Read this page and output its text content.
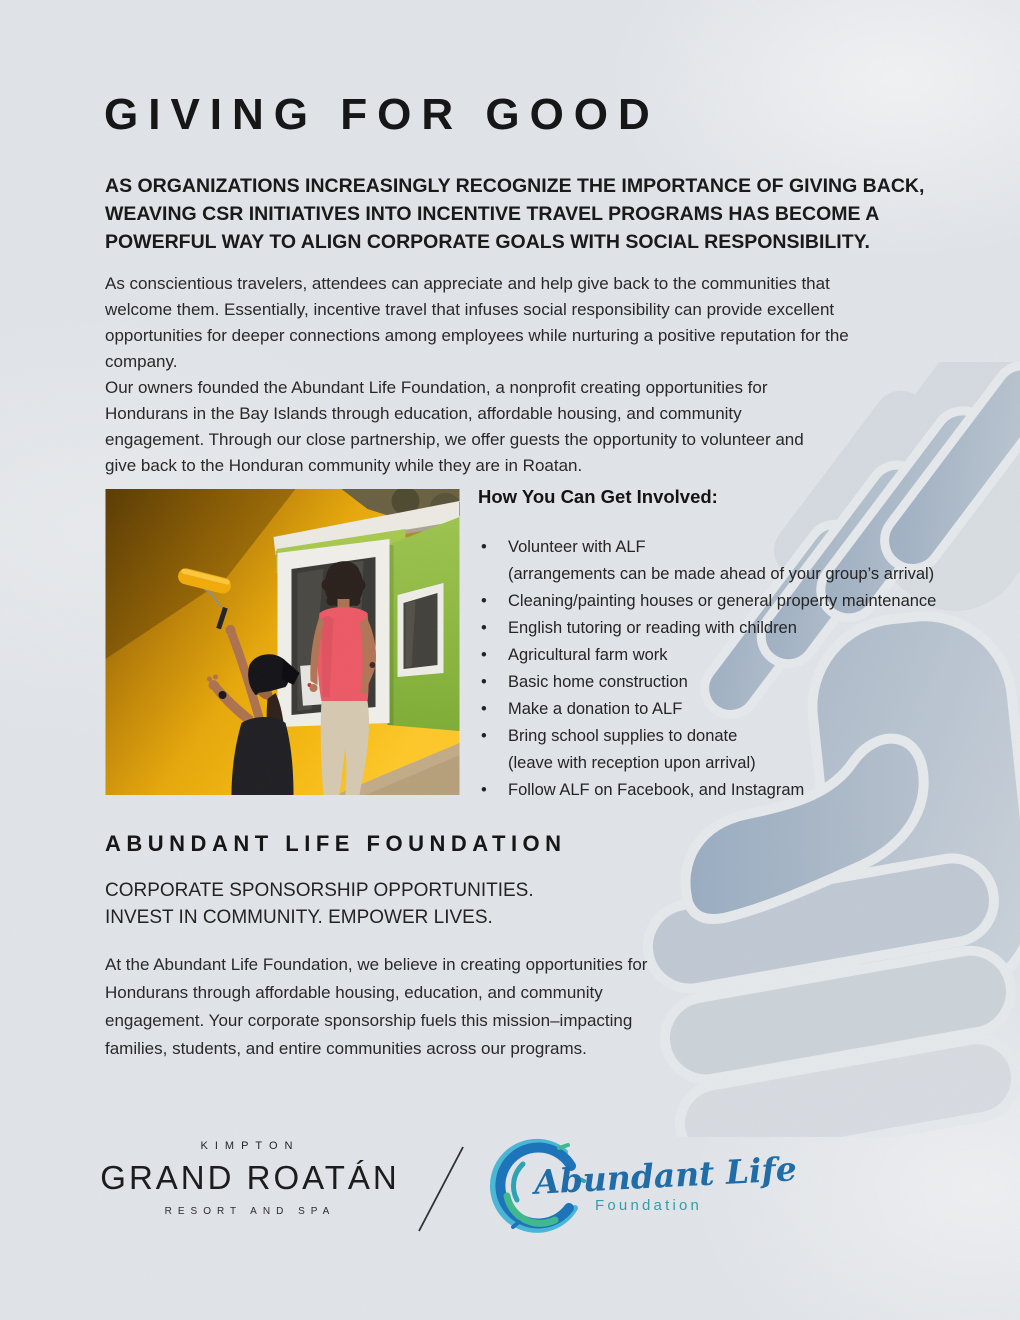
GIVING FOR GOOD
AS ORGANIZATIONS INCREASINGLY RECOGNIZE THE IMPORTANCE OF GIVING BACK, WEAVING CSR INITIATIVES INTO INCENTIVE TRAVEL PROGRAMS HAS BECOME A POWERFUL WAY TO ALIGN CORPORATE GOALS WITH SOCIAL RESPONSIBILITY.
As conscientious travelers, attendees can appreciate and help give back to the communities that welcome them. Essentially, incentive travel that infuses social responsibility can provide excellent opportunities for deeper connections among employees while nurturing a positive reputation for the company.
Our owners founded the Abundant Life Foundation, a nonprofit creating opportunities for Hondurans in the Bay Islands through education, affordable housing, and community engagement. Through our close partnership, we offer guests the opportunity to volunteer and give back to the Honduran community while they are in Roatan.
How You Can Get Involved:
• Volunteer with ALF
(arrangements can be made ahead of your group’s arrival)
• Cleaning/painting houses or general property maintenance
• English tutoring or reading with children
• Agricultural farm work
• Basic home construction
• Make a donation to ALF
• Bring school supplies to donate
(leave with reception upon arrival)
• Follow ALF on Facebook, and Instagram
ABUNDANT LIFE FOUNDATION
CORPORATE SPONSORSHIP OPPORTUNITIES.
INVEST IN COMMUNITY. EMPOWER LIVES.
At the Abundant Life Foundation, we believe in creating opportunities for Hondurans through affordable housing, education, and community engagement. Your corporate sponsorship fuels this mission–impacting families, students, and entire communities across our programs.
KIMPTON
GRAND ROATÁN
RESORT AND SPA
Abundant Life
Foundation
